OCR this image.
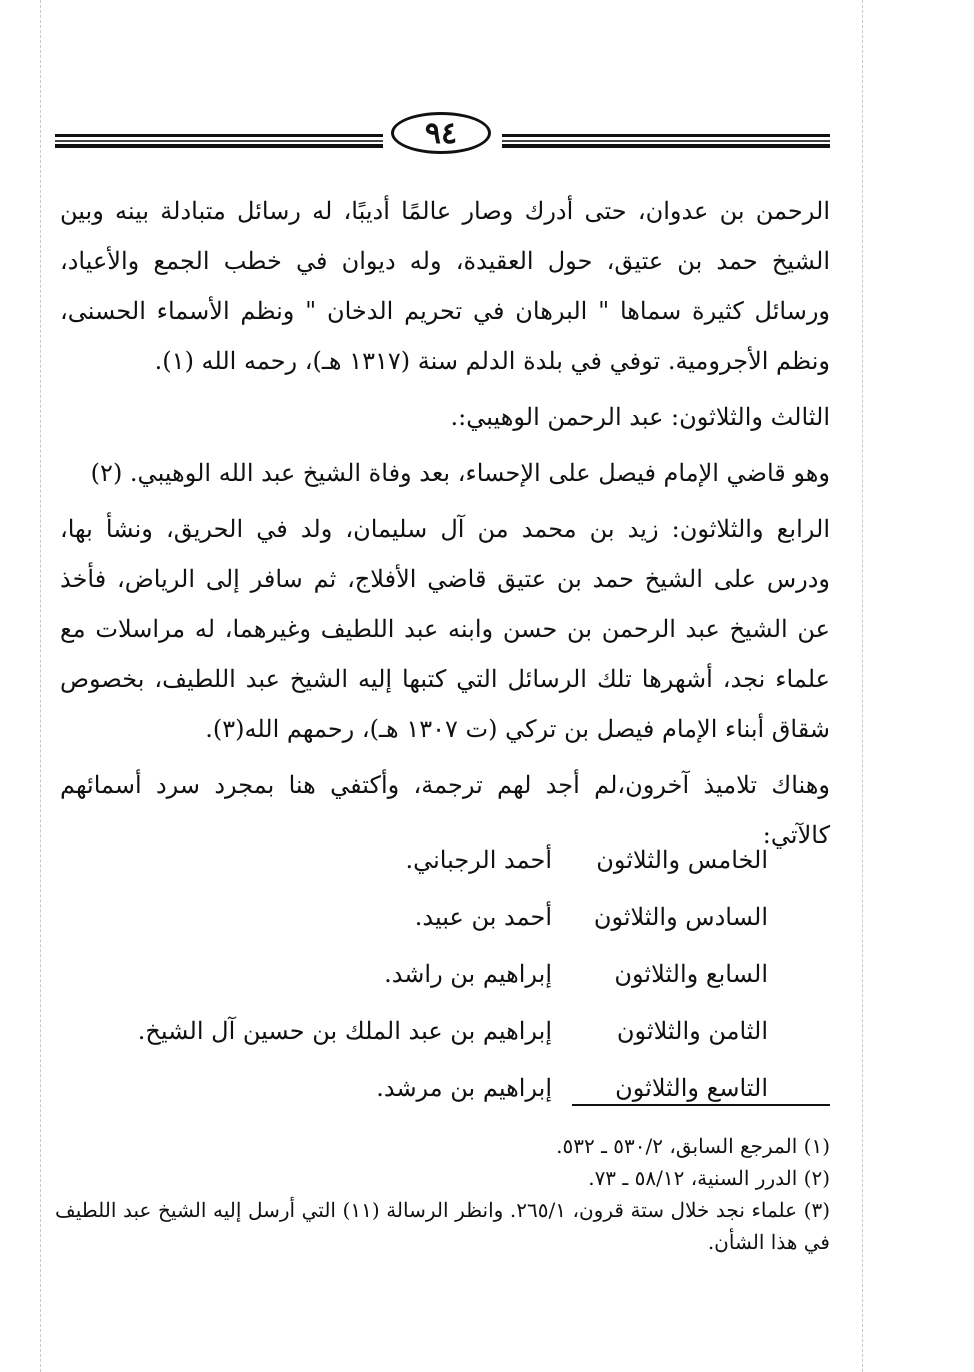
٩٤

الرحمن بن عدوان، حتى أدرك وصار عالمًا أديبًا، له رسائل متبادلة بينه وبين الشيخ حمد بن عتيق، حول العقيدة، وله ديوان في خطب الجمع والأعياد، ورسائل كثيرة سماها " البرهان في تحريم الدخان " ونظم الأسماء الحسنى، ونظم الأجرومية. توفي في بلدة الدلم سنة (١٣١٧ هـ)، رحمه الله (١).

الثالث والثلاثون: عبد الرحمن الوهيبي:.

وهو قاضي الإمام فيصل على الإحساء، بعد وفاة الشيخ عبد الله الوهيبي. (٢)

الرابع والثلاثون: زيد بن محمد من آل سليمان، ولد في الحريق، ونشأ بها، ودرس على الشيخ حمد بن عتيق قاضي الأفلاج، ثم سافر إلى الرياض، فأخذ عن الشيخ عبد الرحمن بن حسن وابنه عبد اللطيف وغيرهما، له مراسلات مع علماء نجد، أشهرها تلك الرسائل التي كتبها إليه الشيخ عبد اللطيف، بخصوص شقاق أبناء الإمام فيصل بن تركي (ت ١٣٠٧ هـ)، رحمهم الله(٣).

وهناك تلاميذ آخرون،لم أجد لهم ترجمة، وأكتفي هنا بمجرد سرد أسمائهم كالآتي:

الخامس والثلاثون
أحمد الرجباني.
السادس والثلاثون
أحمد بن عبيد.
السابع والثلاثون
إبراهيم بن راشد.
الثامن والثلاثون
إبراهيم بن عبد الملك بن حسين آل الشيخ.
التاسع والثلاثون
إبراهيم بن مرشد.

(١) المرجع السابق، ٥٣٠/٢ ـ ٥٣٢.

(٢) الدرر السنية، ٥٨/١٢ ـ ٧٣.

(٣) علماء نجد خلال ستة قرون، ٢٦٥/١. وانظر الرسالة (١١) التي أرسل إليه الشيخ عبد اللطيف في هذا الشأن.
